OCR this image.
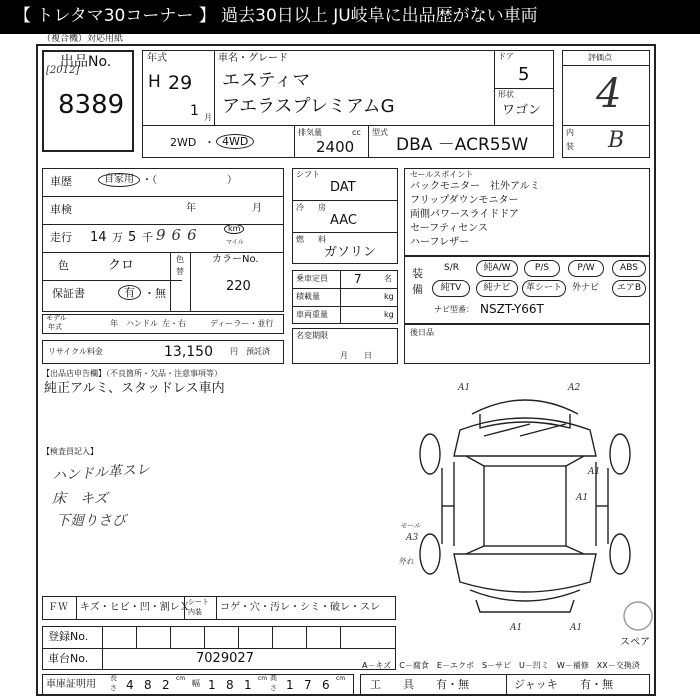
【 トレタマ30コーナー 】 過去30日以上 JU岐阜に出品歴がない車両
（複合機）対応用紙
出品No.
[2012]
8389
年式
H 29
1 月
車名・グレード
エスティマ
アエラスプレミアムG
ドア
5
形状
ワゴン
2WD ・ 4WD
排気量	cc
2400
型式
DBA －ACR55W
評価点
4
内
装 B
車歴	自家用 ・（　　　　　　　）
車検	年	月
走行 14 万 5 千 966	km
マイル
色	クロ	色
替
カラーNo.
220
保証書	有 ・無
モデル
年式	年 ハンドル 左・右	ディーラー・並行
リサイクル料金	13,150 円 預託済
シフト
DAT
冷 房
AAC
燃 料
ガソリン
乗車定員 7	名
積載量	kg
車両重量	kg
名変期限
月　　日
セールスポイント
バックモニター　社外アルミ
フリップダウンモニター
両側パワースライドドア
セーフティセンス
ハーフレザー
装
備
S/R	純A/W	P/S	P/W	ABS
純TV	純ナビ	革シート	外ナビ	エアB
ナビ型番： NSZT-Y66T
後日品
【出品店申告欄】（不良箇所・欠品・注意事項等）
純正アルミ、スタッドレス車内
【検査員記入】
ハンドル革スレ
床　キズ
下廻りさび
A1	A2
モール
A3
外れ
A1
A1
A1	A1
スペア
ＦＷ キズ・ヒビ・凹・割レＸ
シート
内装 コゲ・穴・汚レ・シミ・破レ・スレ
登録No.
車台No.	7029027	A－キズ　C－腐食　E－エクボ　S－サビ　U－凹ミ　W－補修　XX－交換済
車庫証明用
長
さ 4 8 2 cm
幅 1 8 1 cm 高
さ 1 7 6 cm 工　　具 有・無	ジャッキ 有・無
